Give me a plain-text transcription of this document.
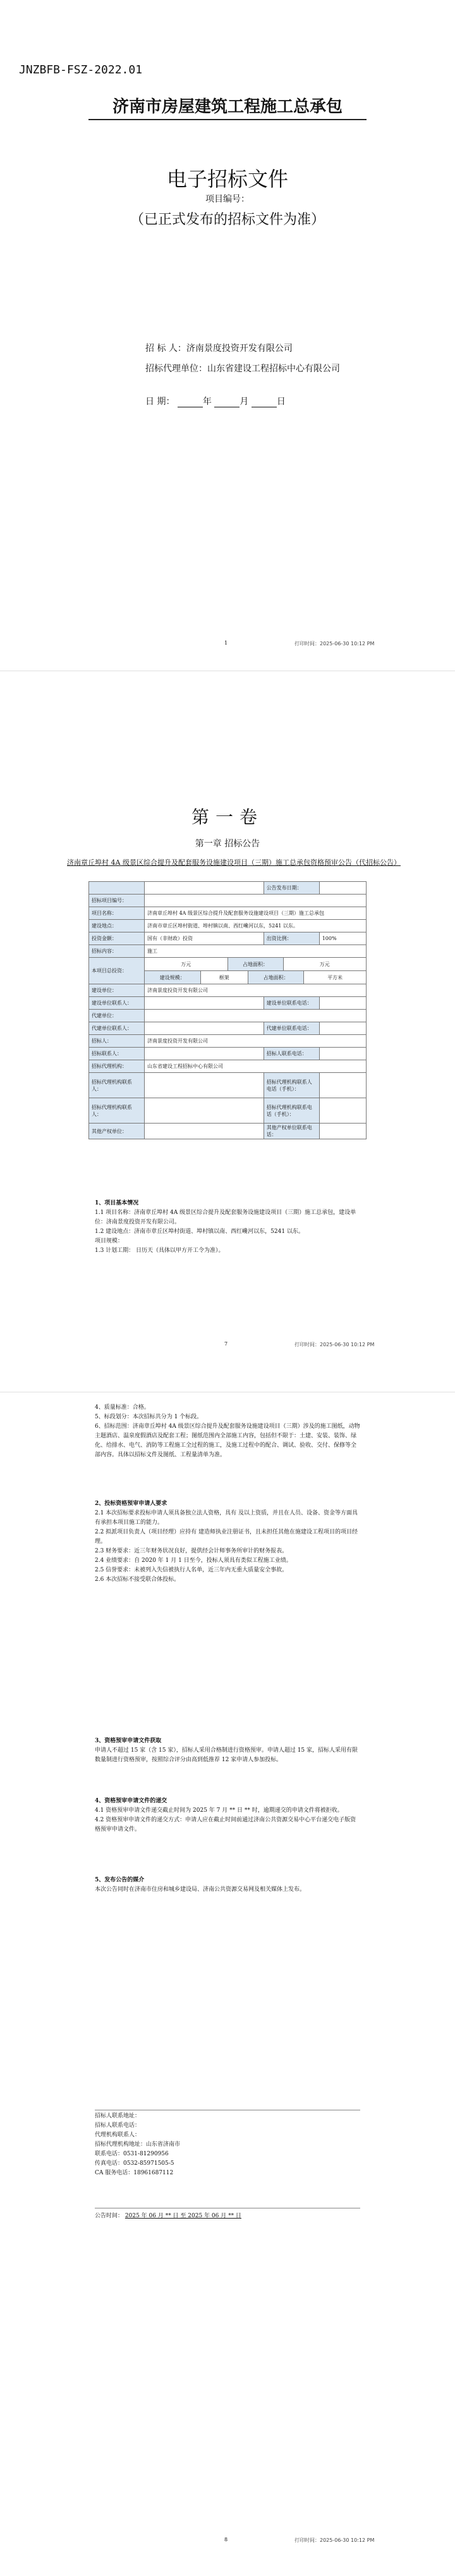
JNZBFB-FSZ-2022.01
济南市房屋建筑工程施工总承包
电子招标文件
项目编号：
（已正式发布的招标文件为准）
招 标 人：济南景度投资开发有限公司
招标代理单位：山东省建设工程招标中心有限公司
日 期：	年	月	日
1	打印时间：2025-06-30 10:12 PM
第一卷
第一章 招标公告
济南章丘埠村 4A 级景区综合提升及配套服务设施建设项目（三期）施工总承包资格预审公告（代招标公告）
		公告发布日期：	
招标项目编号：	
项目名称：	济南章丘埠村 4A 级景区综合提升及配套服务设施建设项目（三期）施工总承包
建设地点：	济南市章丘区埠村街道、埠村镇以南、西红巉河以东，5241 以东。
投资金额：	国有（非财政）投资	出资比例：	100%
招标内容：	施工
本项目总投资：	
万元	占地面积：	万元

建设规模：	框架	占地面积：	平方米

建设单位：	济南景度投资开发有限公司
建设单位联系人：		建设单位联系电话：	
代建单位：	
代建单位联系人：		代建单位联系电话：	
招标人：	济南景度投资开发有限公司
招标联系人：		招标人联系电话：	
招标代理机构：	山东省建设工程招标中心有限公司
招标代理机构联系人：		招标代理机构联系人电话（手机）：	
招标代理机构联系人：		招标代理机构联系电话（手机）：	
其他产权单位：		其他产权单位联系电话：	
1、项目基本情况
1.1 项目名称：济南章丘埠村 4A 级景区综合提升及配套服务设施建设项目（三期）施工总承包，建设单位：济南景度投资开发有限公司。
1.2 建设地点：济南市章丘区埠村街道、埠村镇以南、西红巉河以东，5241 以东。
项目规模：
1.3 计划工期： 日历天（具体以甲方开工令为准）。
7	打印时间：2025-06-30 10:12 PM
4、质量标准：合格。
5、标段划分：本次招标共分为 1 个标段。
6、招标范围：济南章丘埠村 4A 级景区综合提升及配套服务设施建设项目（三期）涉及的施工图纸，动物主题酒店、温泉度假酒店及配套工程；图纸范围内全部施工内容，包括但不限于：土建、安装、装饰、绿化、给排水、电气、消防等工程施工全过程的施工，及施工过程中的配合、调试、验收、交付、保修等全部内容。具体以招标文件及图纸、工程量清单为准。
2、投标资格预审申请人要求
2.1 本次招标要求投标申请人须具备独立法人资格，具有 及以上资质，并且在人员、设备、资金等方面具有承担本项目施工的能力。
2.2 拟派项目负责人（项目经理）应持有 建造师执业注册证书，且未担任其他在施建设工程项目的项目经理。
2.3 财务要求：近三年财务状况良好，提供经会计师事务所审计的财务报表。
2.4 业绩要求：自 2020 年 1 月 1 日至今，投标人须具有类似工程施工业绩。
2.5 信誉要求：未被列入失信被执行人名单，近三年内无重大质量安全事故。
2.6 本次招标不接受联合体投标。
3、资格预审申请文件获取
申请人不超过 15 家（含 15 家），招标人采用合格制进行资格预审。申请人超过 15 家，招标人采用有限数量制进行资格预审，按照综合评分由高到低推荐 12 家申请人参加投标。
4、资格预审申请文件的递交
4.1 资格预审申请文件递交截止时间为 2025 年 7 月 ** 日 ** 时，逾期递交的申请文件将被拒收。
4.2 资格预审申请文件的递交方式：申请人应在截止时间前通过济南公共资源交易中心平台递交电子版资格预审申请文件。
5、发布公告的媒介
本次公告同时在济南市住房和城乡建设局、济南公共资源交易网及相关媒体上发布。
招标人联系地址：
招标人联系电话：
代理机构联系人：
招标代理机构地址：山东省济南市
联系电话：0531-81290956
传真电话：0532-85971505-5
CA 服务电话：18961687112
公告时间： 2025 年 06 月 ** 日 至 2025 年 06 月 ** 日
8	打印时间：2025-06-30 10:12 PM
